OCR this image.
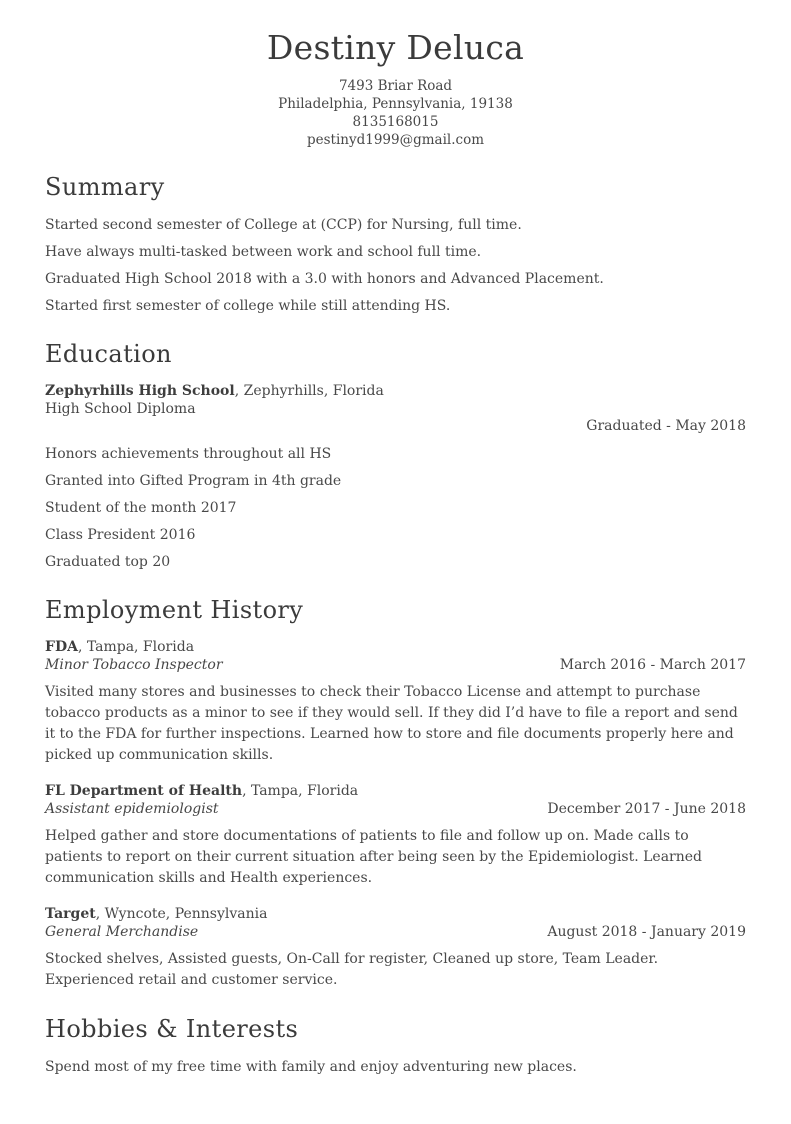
Destiny Deluca
7493 Briar Road
Philadelphia, Pennsylvania, 19138
8135168015
pestinyd1999@gmail.com
Summary

Started second semester of College at (CCP) for Nursing, full time.

Have always multi-tasked between work and school full time.

Graduated High School 2018 with a 3.0 with honors and Advanced Placement.

Started first semester of college while still attending HS.

Education
Zephyrhills High School, Zephyrhills, Florida
High School Diploma
Graduated - May 2018

Honors achievements throughout all HS

Granted into Gifted Program in 4th grade

Student of the month 2017

Class President 2016

Graduated top 20

Employment History
FDA, Tampa, Florida
Minor Tobacco Inspector	March 2016 - March 2017

Visited many stores and businesses to check their Tobacco License and attempt to purchase tobacco products as a minor to see if they would sell. If they did I’d have to file a report and send it to the FDA for further inspections. Learned how to store and file documents properly here and picked up communication skills.

FL Department of Health, Tampa, Florida
Assistant epidemiologist	December 2017 - June 2018

Helped gather and store documentations of patients to file and follow up on. Made calls to patients to report on their current situation after being seen by the Epidemiologist. Learned communication skills and Health experiences.

Target, Wyncote, Pennsylvania
General Merchandise	August 2018 - January 2019

Stocked shelves, Assisted guests, On-Call for register, Cleaned up store, Team Leader. Experienced retail and customer service.

Hobbies & Interests

Spend most of my free time with family and enjoy adventuring new places.
